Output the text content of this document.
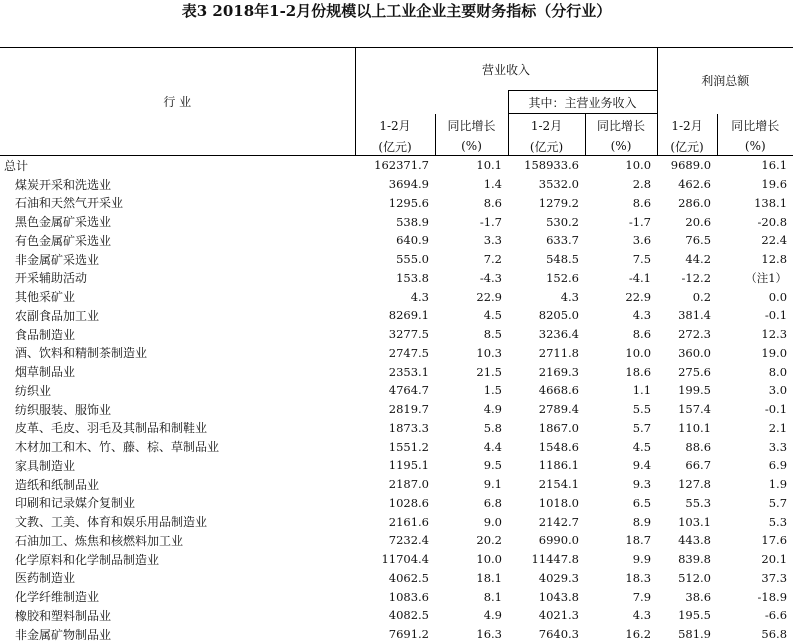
表3 2018年1-2月份规模以上工业企业主要财务指标（分行业）
行 业	营业收入				利润总额	
			其中：主营业务收入			
	1-2月	同比增长	1-2月	同比增长	1-2月	同比增长
	(亿元)	(%)	(亿元)	(%)	(亿元)	(%)
总计	162371.7	10.1	158933.6	10.0	9689.0	16.1
煤炭开采和洗选业	3694.9	1.4	3532.0	2.8	462.6	19.6
石油和天然气开采业	1295.6	8.6	1279.2	8.6	286.0	138.1
黑色金属矿采选业	538.9	-1.7	530.2	-1.7	20.6	-20.8
有色金属矿采选业	640.9	3.3	633.7	3.6	76.5	22.4
非金属矿采选业	555.0	7.2	548.5	7.5	44.2	12.8
开采辅助活动	153.8	-4.3	152.6	-4.1	-12.2	（注1）
其他采矿业	4.3	22.9	4.3	22.9	0.2	0.0
农副食品加工业	8269.1	4.5	8205.0	4.3	381.4	-0.1
食品制造业	3277.5	8.5	3236.4	8.6	272.3	12.3
酒、饮料和精制茶制造业	2747.5	10.3	2711.8	10.0	360.0	19.0
烟草制品业	2353.1	21.5	2169.3	18.6	275.6	8.0
纺织业	4764.7	1.5	4668.6	1.1	199.5	3.0
纺织服装、服饰业	2819.7	4.9	2789.4	5.5	157.4	-0.1
皮革、毛皮、羽毛及其制品和制鞋业	1873.3	5.8	1867.0	5.7	110.1	2.1
木材加工和木、竹、藤、棕、草制品业	1551.2	4.4	1548.6	4.5	88.6	3.3
家具制造业	1195.1	9.5	1186.1	9.4	66.7	6.9
造纸和纸制品业	2187.0	9.1	2154.1	9.3	127.8	1.9
印刷和记录媒介复制业	1028.6	6.8	1018.0	6.5	55.3	5.7
文教、工美、体育和娱乐用品制造业	2161.6	9.0	2142.7	8.9	103.1	5.3
石油加工、炼焦和核燃料加工业	7232.4	20.2	6990.0	18.7	443.8	17.6
化学原料和化学制品制造业	11704.4	10.0	11447.8	9.9	839.8	20.1
医药制造业	4062.5	18.1	4029.3	18.3	512.0	37.3
化学纤维制造业	1083.6	8.1	1043.8	7.9	38.6	-18.9
橡胶和塑料制品业	4082.5	4.9	4021.3	4.3	195.5	-6.6
非金属矿物制品业	7691.2	16.3	7640.3	16.2	581.9	56.8
